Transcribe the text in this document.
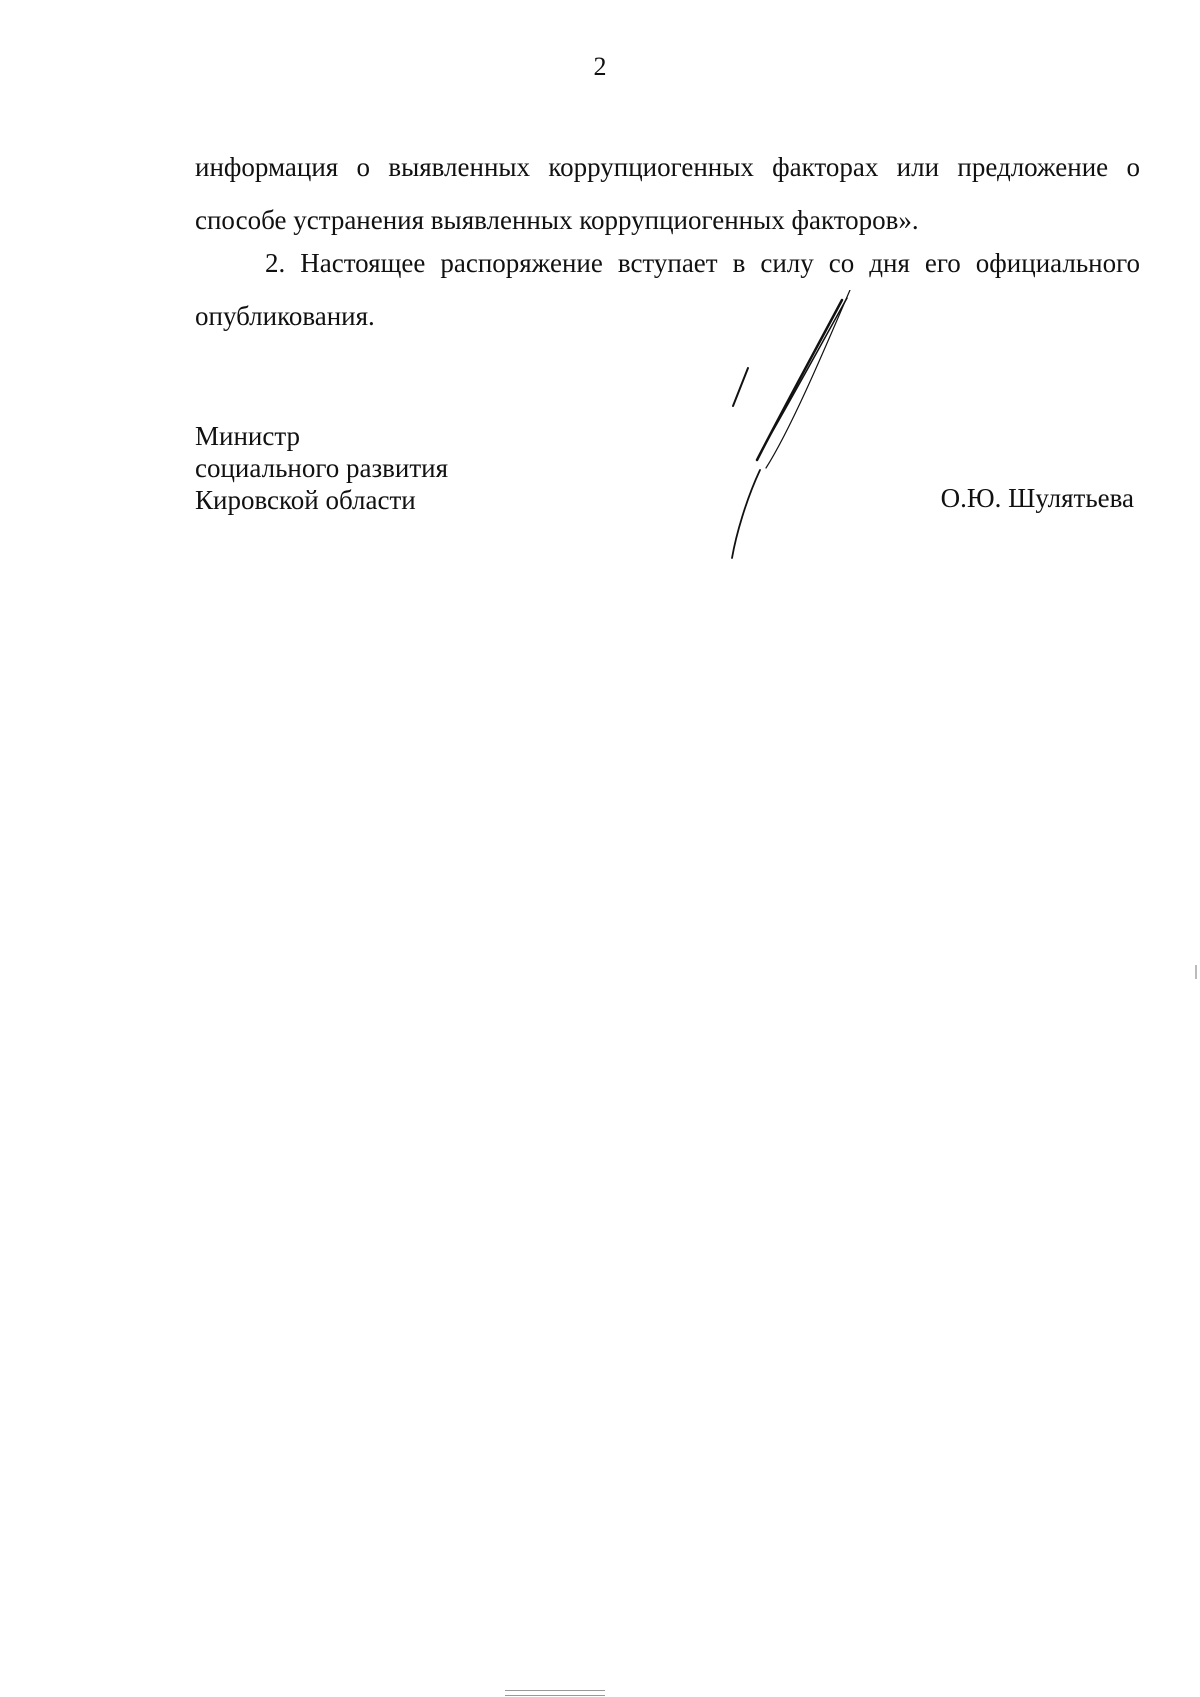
2

информация о выявленных коррупциогенных факторах или предложение о способе устранения выявленных коррупциогенных факторов».

2. Настоящее распоряжение вступает в силу со дня его официального опубликования.

Министр
социального развития
Кировской области	О.Ю. Шулятьева
